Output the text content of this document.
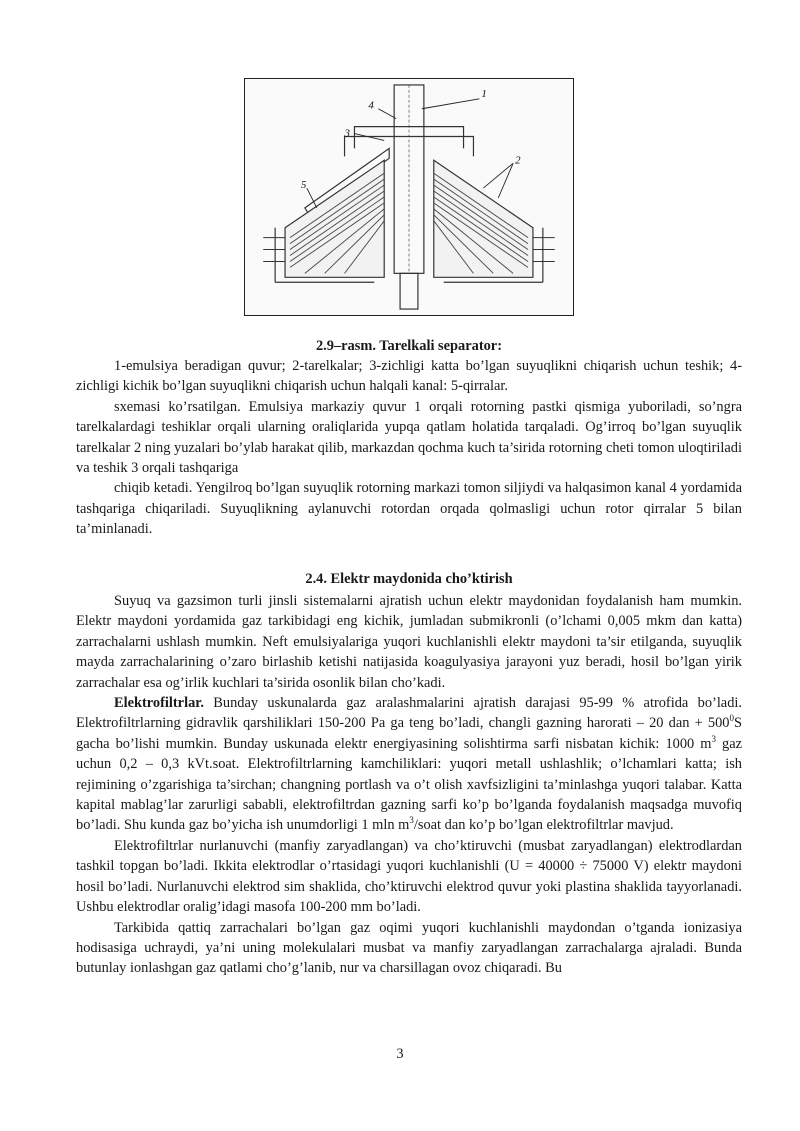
1
2
3
4
5
2.9–rasm. Tarelkali separator:

1-emulsiya beradigan quvur; 2-tarelkalar; 3-zichligi katta bo’lgan suyuqlikni chiqarish uchun teshik; 4-zichligi kichik bo’lgan suyuqlikni chiqarish uchun halqali kanal: 5-qirralar.

sxemasi ko’rsatilgan. Emulsiya markaziy quvur 1 orqali rotorning pastki qismiga yuboriladi, so’ngra tarelkalardagi teshiklar orqali ularning oraliqlarida yupqa qatlam holatida tarqaladi. Og’irroq bo’lgan suyuqlik tarelkalar 2 ning yuzalari bo’ylab harakat qilib, markazdan qochma kuch ta’sirida rotorning cheti tomon uloqtiriladi va teshik 3 orqali tashqariga

chiqib ketadi. Yengilroq bo’lgan suyuqlik rotorning markazi tomon siljiydi va halqasimon kanal 4 yordamida tashqariga chiqariladi. Suyuqlikning aylanuvchi rotordan orqada qolmasligi uchun rotor qirralar 5 bilan ta’minlanadi.

2.4. Elektr maydonida cho’ktirish

Suyuq va gazsimon turli jinsli sistemalarni ajratish uchun elektr maydonidan foydalanish ham mumkin. Elektr maydoni yordamida gaz tarkibidagi eng kichik, jumladan submikronli (o’lchami 0,005 mkm dan katta) zarrachalarni ushlash mumkin. Neft emulsiyalariga yuqori kuchlanishli elektr maydoni ta’sir etilganda, suyuqlik mayda zarrachalarining o’zaro birlashib ketishi natijasida koagulyasiya jarayoni yuz beradi, hosil bo’lgan yirik zarrachalar esa og’irlik kuchlari ta’sirida osonlik bilan cho’kadi.

Elektrofiltrlar. Bunday uskunalarda gaz aralashmalarini ajratish darajasi 95-99 % atrofida bo’ladi. Elektrofiltrlarning gidravlik qarshiliklari 150-200 Pa ga teng bo’ladi, changli gazning harorati – 20 dan + $500^0S$ gacha bo’lishi mumkin. Bunday uskunada elektr energiyasining solishtirma sarfi nisbatan kichik: 1000 $m^3$ gaz uchun 0,2 – 0,3 kVt.soat. Elektrofiltrlarning kamchiliklari: yuqori metall ushlashlik; o’lchamlari katta; ish rejimining o’zgarishiga ta’sirchan; changning portlash va o’t olish xavfsizligini ta’minlashga yuqori talabar. Katta kapital mablag’lar zarurligi sababli, elektrofiltrdan gazning sarfi ko’p bo’lganda foydalanish maqsadga muvofiq bo’ladi. Shu kunda gaz bo’yicha ish unumdorligi 1 mln $m^3$/soat dan ko’p bo’lgan elektrofiltrlar mavjud.

Elektrofiltrlar nurlanuvchi (manfiy zaryadlangan) va cho’ktiruvchi (musbat zaryadlangan) elektrodlardan tashkil topgan bo’ladi. Ikkita elektrodlar o’rtasidagi yuqori kuchlanishli (U = 40000 ÷ 75000 V) elektr maydoni hosil bo’ladi. Nurlanuvchi elektrod sim shaklida, cho’ktiruvchi elektrod quvur yoki plastina shaklida tayyorlanadi. Ushbu elektrodlar oralig’idagi masofa 100-200 mm bo’ladi.

Tarkibida qattiq zarrachalari bo’lgan gaz oqimi yuqori kuchlanishli maydondan o’tganda ionizasiya hodisasiga uchraydi, ya’ni uning molekulalari musbat va manfiy zaryadlangan zarrachalarga ajraladi. Bunda butunlay ionlashgan gaz qatlami cho’g’lanib, nur va charsillagan ovoz chiqaradi. Bu

3
